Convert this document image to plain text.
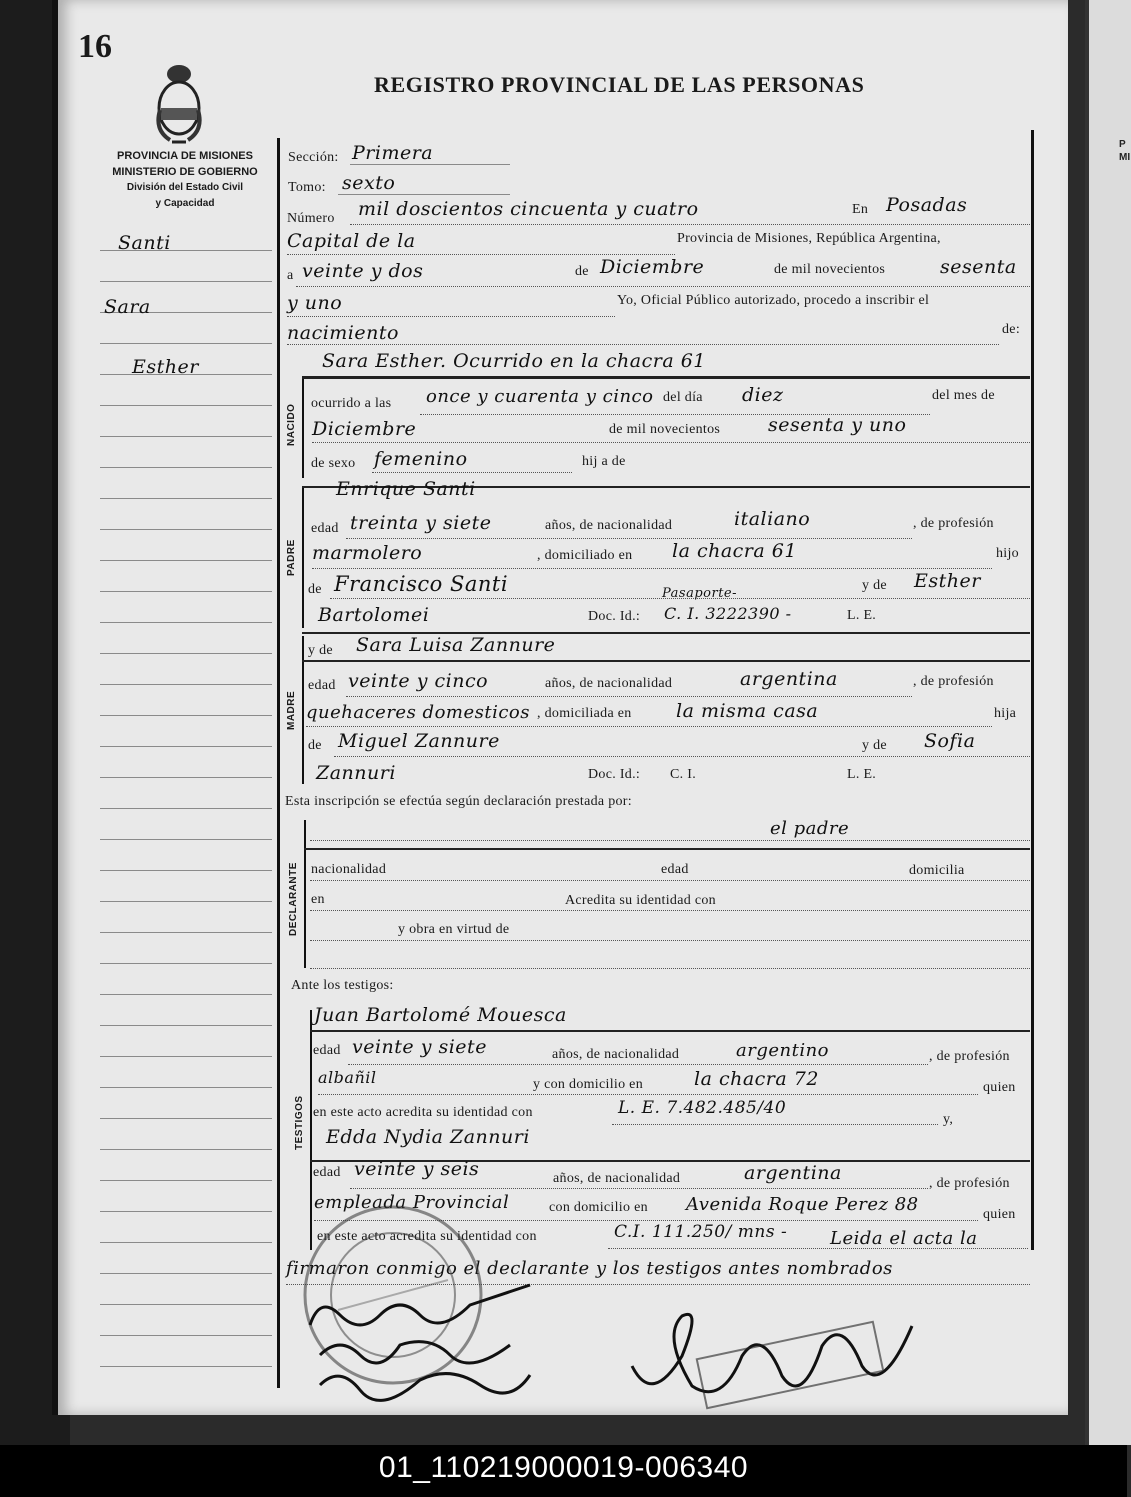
P
MI
16
REGISTRO PROVINCIAL DE LAS PERSONAS
PROVINCIA DE MISIONES
MINISTERIO DE GOBIERNO
División del Estado Civil
y Capacidad
Santi
Sara
Esther
NACIDO
PADRE
MADRE
DECLARANTE
TESTIGOS
Sección: Primera
Tomo: sexto
Número mil doscientos cincuenta y cuatro	En Posadas
Capital de la	Provincia de Misiones, República Argentina,
a veinte y dos	de Diciembre	de mil novecientos	sesenta
y uno	Yo, Oficial Público autorizado, procedo a inscribir el
nacimiento	de:
Sara Esther. Ocurrido en la chacra 61
ocurrido a las once y cuarenta y cinco del día diez	del mes de
Diciembre	de mil novecientos	sesenta y uno
de sexo femenino	hij a de
Enrique Santi
edad treinta y siete	años, de nacionalidad	italiano	, de profesión
marmolero	, domiciliado en la chacra 61	hijo
de Francisco Santi	y de Esther
Bartolomei	Doc. Id.:
Pasaporte-
C. I. 3222390 -	L. E.
y de Sara Luisa Zannure
edad veinte y cinco	años, de nacionalidad	argentina	, de profesión
quehaceres domesticos , domiciliada en la misma casa	hija
de Miguel Zannure	y de Sofia
Zannuri	Doc. Id.: C. I.	L. E.
Esta inscripción se efectúa según declaración prestada por:
el padre
nacionalidad	edad	domicilia
en	Acredita su identidad con
y obra en virtud de
Ante los testigos:
Juan Bartolomé Mouesca
edad veinte y siete	años, de nacionalidad	argentino	, de profesión
albañil	y con domicilio en	la chacra 72	quien
en este acto acredita su identidad con	L. E. 7.482.485/40
y,
Edda Nydia Zannuri
edad veinte y seis	años, de nacionalidad	argentina	, de profesión
empleada Provincial	con domicilio en Avenida Roque Perez 88	quien
en este acto acredita su identidad con	C.I. 111.250/ mns - Leida el acta la
firmaron conmigo el declarante y los testigos antes nombrados
01_110219000019-006340
